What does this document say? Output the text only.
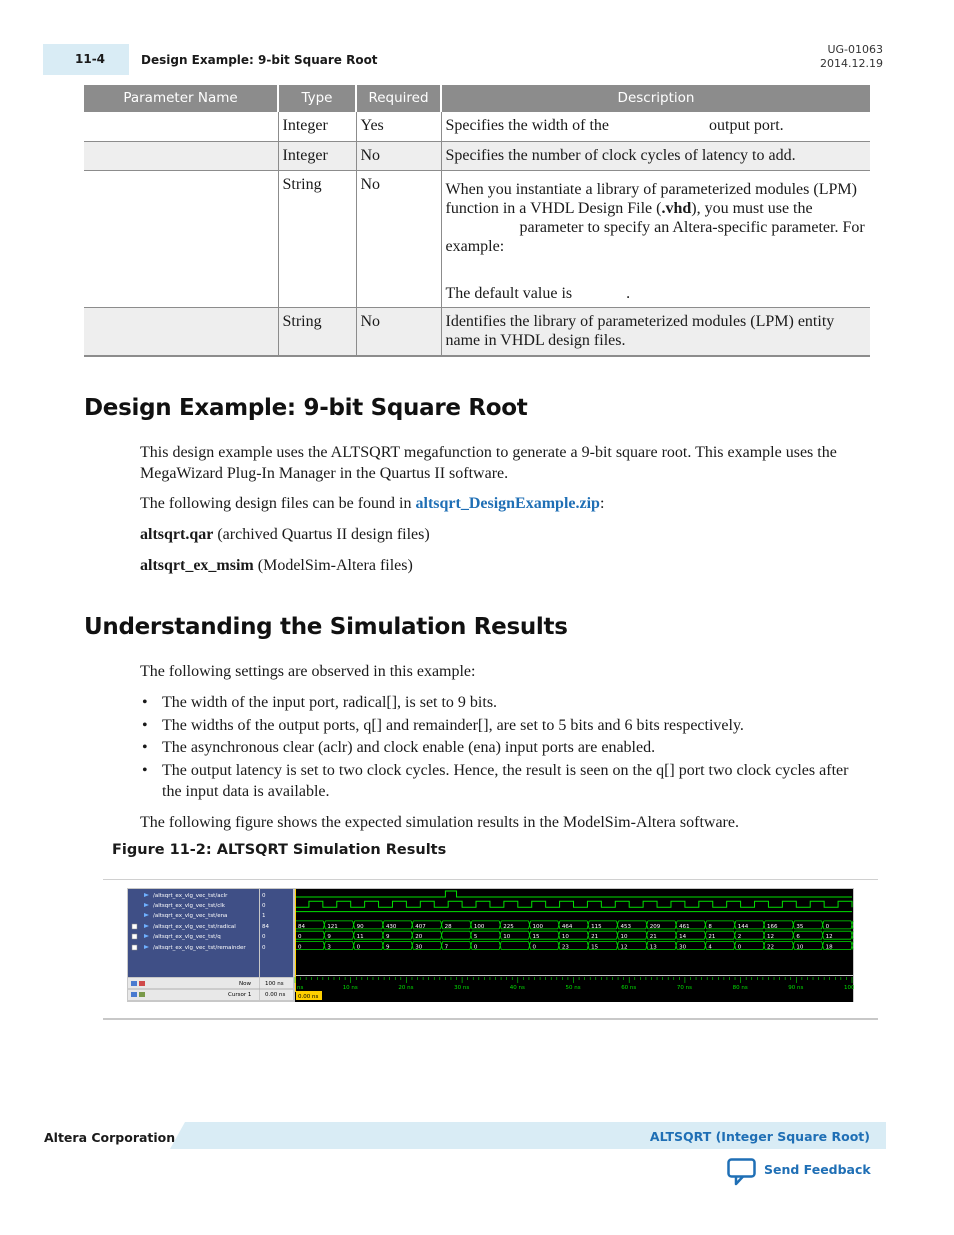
11-4	Design Example: 9-bit Square Root
UG-01063
2014.12.19
Parameter Name	Type	Required	Description
	Integer	Yes	Specifies the width of the output port.
	Integer	No	Specifies the number of clock cycles of latency to add.
	String	No	When you instantiate a library of parameterized modules (LPM) function in a VHDL Design File (.vhd), you must use theparameter to specify an Altera-specific parameter. For example:
The default value is .

	String	No	Identifies the library of parameterized modules (LPM) entity name in VHDL design files.
Design Example: 9-bit Square Root

This design example uses the ALTSQRT megafunction to generate a 9-bit square root. This example uses the MegaWizard Plug-In Manager in the Quartus II software.

The following design files can be found in altsqrt_DesignExample.zip:

altsqrt.qar (archived Quartus II design files)

altsqrt_ex_msim (ModelSim-Altera files)

Understanding the Simulation Results

The following settings are observed in this example:

• The width of the input port, radical[], is set to 9 bits.
• The widths of the output ports, q[] and remainder[], are set to 5 bits and 6 bits respectively.
• The asynchronous clear (aclr) and clock enable (ena) input ports are enabled.
• The output latency is set to two clock cycles. Hence, the result is seen on the q[] port two clock cycles after the input data is available.

The following figure shows the expected simulation results in the ModelSim-Altera software.

Figure 11-2: ALTSQRT Simulation Results
/altsqrt_ex_vlg_vec_tst/aclr
/altsqrt_ex_vlg_vec_tst/clk
/altsqrt_ex_vlg_vec_tst/ena
/altsqrt_ex_vlg_vec_tst/radical
/altsqrt_ex_vlg_vec_tst/q
/altsqrt_ex_vlg_vec_tst/remainder
0
0
1
84
0
0
Now	100 ns
Cursor 1 0.00 ns
84	121	90	430	407	28	100	225	100	464	115	453	209	461	8	144	166	35	0
0	9	11	9	20	5	10	15	10	21	10	21	14	21	2	12	6	12
0	3	0	9	30	7	0	0	23	15	12	13	30	4	0	22	10	18
0.00 ns
ns	10 ns	20 ns	30 ns	40 ns	50 ns	60 ns	70 ns	80 ns	90 ns	100
Altera Corporation	ALTSQRT (Integer Square Root)
Send Feedback
